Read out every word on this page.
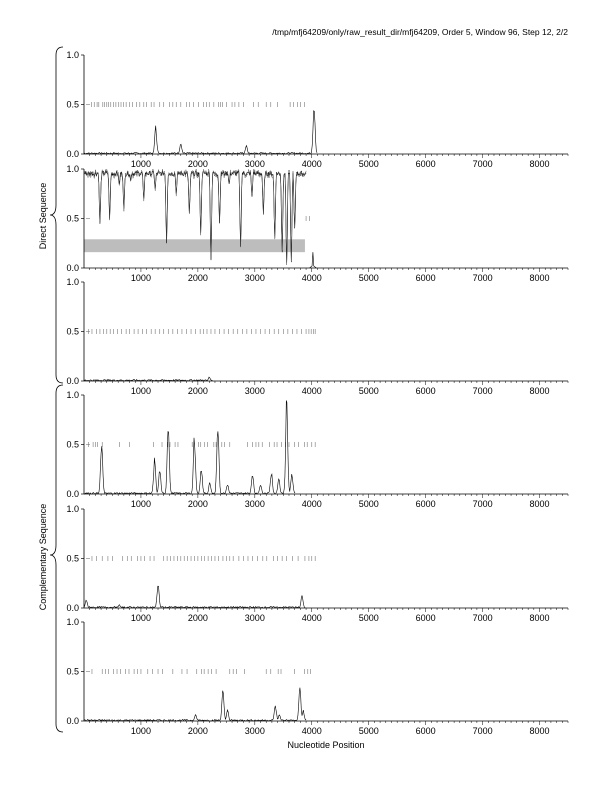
/tmp/mfj64209/only/raw_result_dir/mfj64209, Order 5, Window 96, Step 12, 2/2
0.0
0.5
1.0
1000	2000	3000	4000	5000	6000	7000	8000
0.0
0.5
1.0
1000	2000	3000	4000	5000	6000	7000	8000
0.0
0.5
1.0
1000	2000	3000	4000	5000	6000	7000	8000
0.0
0.5
1.0
1000	2000	3000	4000	5000	6000	7000	8000
0.0
0.5
1.0
1000	2000	3000	4000	5000	6000	7000	8000
0.0
0.5
1.0
1000	2000	3000	4000	5000	6000	7000	8000
Direct Sequence
Complementary Sequence
Nucleotide Position
